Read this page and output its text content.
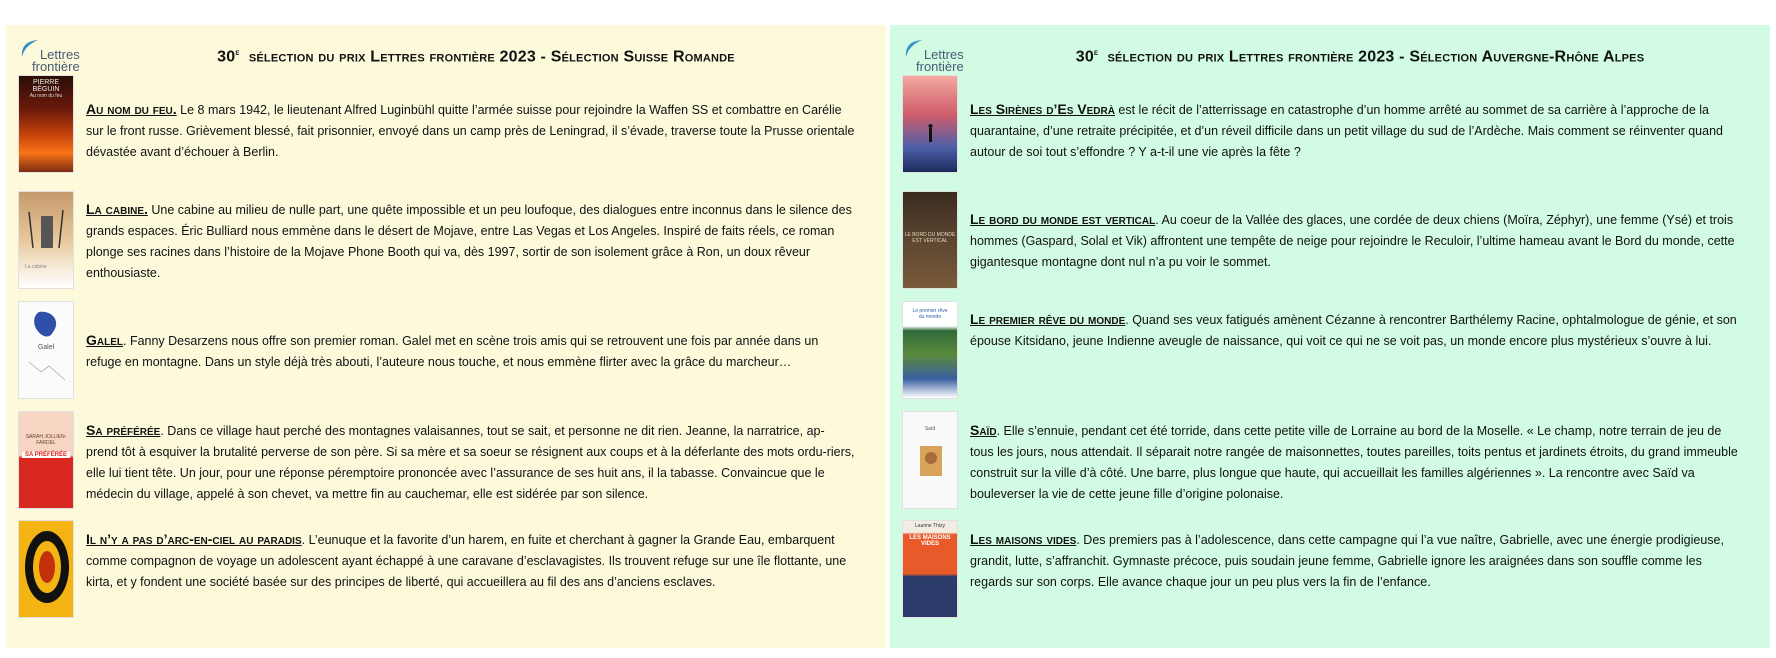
Lettres
frontière
30e sélection du prix Lettres frontière 2023 - Sélection Suisse Romande
PIERRE BÉGUIN
Au nom du feu
Au nom du feu. Le 8 mars 1942, le lieutenant Alfred Luginbühl quitte l’armée suisse pour rejoindre la Waffen SS et combattre en Carélie sur le front russe. Grièvement blessé, fait prisonnier, envoyé dans un camp près de Leningrad, il s’évade, traverse toute la Prusse orientale dévastée avant d’échouer à Berlin.
La cabine
La cabine. Une cabine au milieu de nulle part, une quête impossible et un peu loufoque, des dialogues entre inconnus dans le silence des grands espaces. Éric Bulliard nous emmène dans le désert de Mojave, entre Las Vegas et Los Angeles. Inspiré de faits réels, ce roman plonge ses racines dans l’histoire de la Mojave Phone Booth qui va, dès 1997, sortir de son isolement grâce à Ron, un doux rêveur enthousiaste.
Galel	Galel. Fanny Desarzens nous offre son premier roman. Galel met en scène trois amis qui se retrouvent une fois par année dans un refuge en montagne. Dans un style déjà très abouti, l’auteure nous touche, et nous emmène flirter avec la grâce du marcheur…
SARAH JOLLIEN-FARDEL
SA PRÉFÉRÉE
Sa préférée. Dans ce village haut perché des montagnes valaisannes, tout se sait, et personne ne dit rien. Jeanne, la narratrice, ap-prend tôt à esquiver la brutalité perverse de son père. Si sa mère et sa soeur se résignent aux coups et à la déferlante des mots ordu-riers, elle lui tient tête. Un jour, pour une réponse péremptoire prononcée avec l’assurance de ses huit ans, il la tabasse. Convaincue que le médecin du village, appelé à son chevet, va mettre fin au cauchemar, elle est sidérée par son silence.
Il n’y a pas d’arc-en-ciel au paradis. L’eunuque et la favorite d’un harem, en fuite et cherchant à gagner la Grande Eau, embarquent comme compagnon de voyage un adolescent ayant échappé à une caravane d’esclavagistes. Ils trouvent refuge sur une île flottante, une kirta, et y fondent une société basée sur des principes de liberté, qui accueillera au fil des ans d’anciens esclaves.
Lettres
frontière
30e sélection du prix Lettres frontière 2023 - Sélection Auvergne-Rhône Alpes
Les Sirènes d’Es Vedrà est le récit de l’atterrissage en catastrophe d’un homme arrêté au sommet de sa carrière à l’approche de la quarantaine, d’une retraite précipitée, et d’un réveil difficile dans un petit village du sud de l’Ardèche. Mais comment se réinventer quand autour de soi tout s’effondre ? Y a-t-il une vie après la fête ?
LE BORD DU MONDE
EST VERTICAL
Le bord du monde est vertical. Au coeur de la Vallée des glaces, une cordée de deux chiens (Moïra, Zéphyr), une femme (Ysé) et trois hommes (Gaspard, Solal et Vik) affrontent une tempête de neige pour rejoindre le Reculoir, l’ultime hameau avant le Bord du monde, cette gigantesque montagne dont nul n’a pu voir le sommet.
Le premier rêve
du monde	Le premier rêve du monde. Quand ses veux fatigués amènent Cézanne à rencontrer Barthélemy Racine, ophtalmologue de génie, et son épouse Kitsidano, jeune Indienne aveugle de naissance, qui voit ce qui ne se voit pas, un monde encore plus mystérieux s’ouvre à lui.
Saïd	Saïd. Elle s’ennuie, pendant cet été torride, dans cette petite ville de Lorraine au bord de la Moselle. « Le champ, notre terrain de jeu de tous les jours, nous attendait. Il séparait notre rangée de maisonnettes, toutes pareilles, toits pentus et jardinets étroits, du grand immeuble construit sur la ville d’à côté. Une barre, plus longue que haute, qui accueillait les familles algériennes ». La rencontre avec Saïd va bouleverser la vie de cette jeune fille d’origine polonaise.
Laurine Thizy
LES MAISONS VIDES	Les maisons vides. Des premiers pas à l’adolescence, dans cette campagne qui l’a vue naître, Gabrielle, avec une énergie prodigieuse, grandit, lutte, s’affranchit. Gymnaste précoce, puis soudain jeune femme, Gabrielle ignore les araignées dans son souffle comme les regards sur son corps. Elle avance chaque jour un peu plus vers la fin de l’enfance.
